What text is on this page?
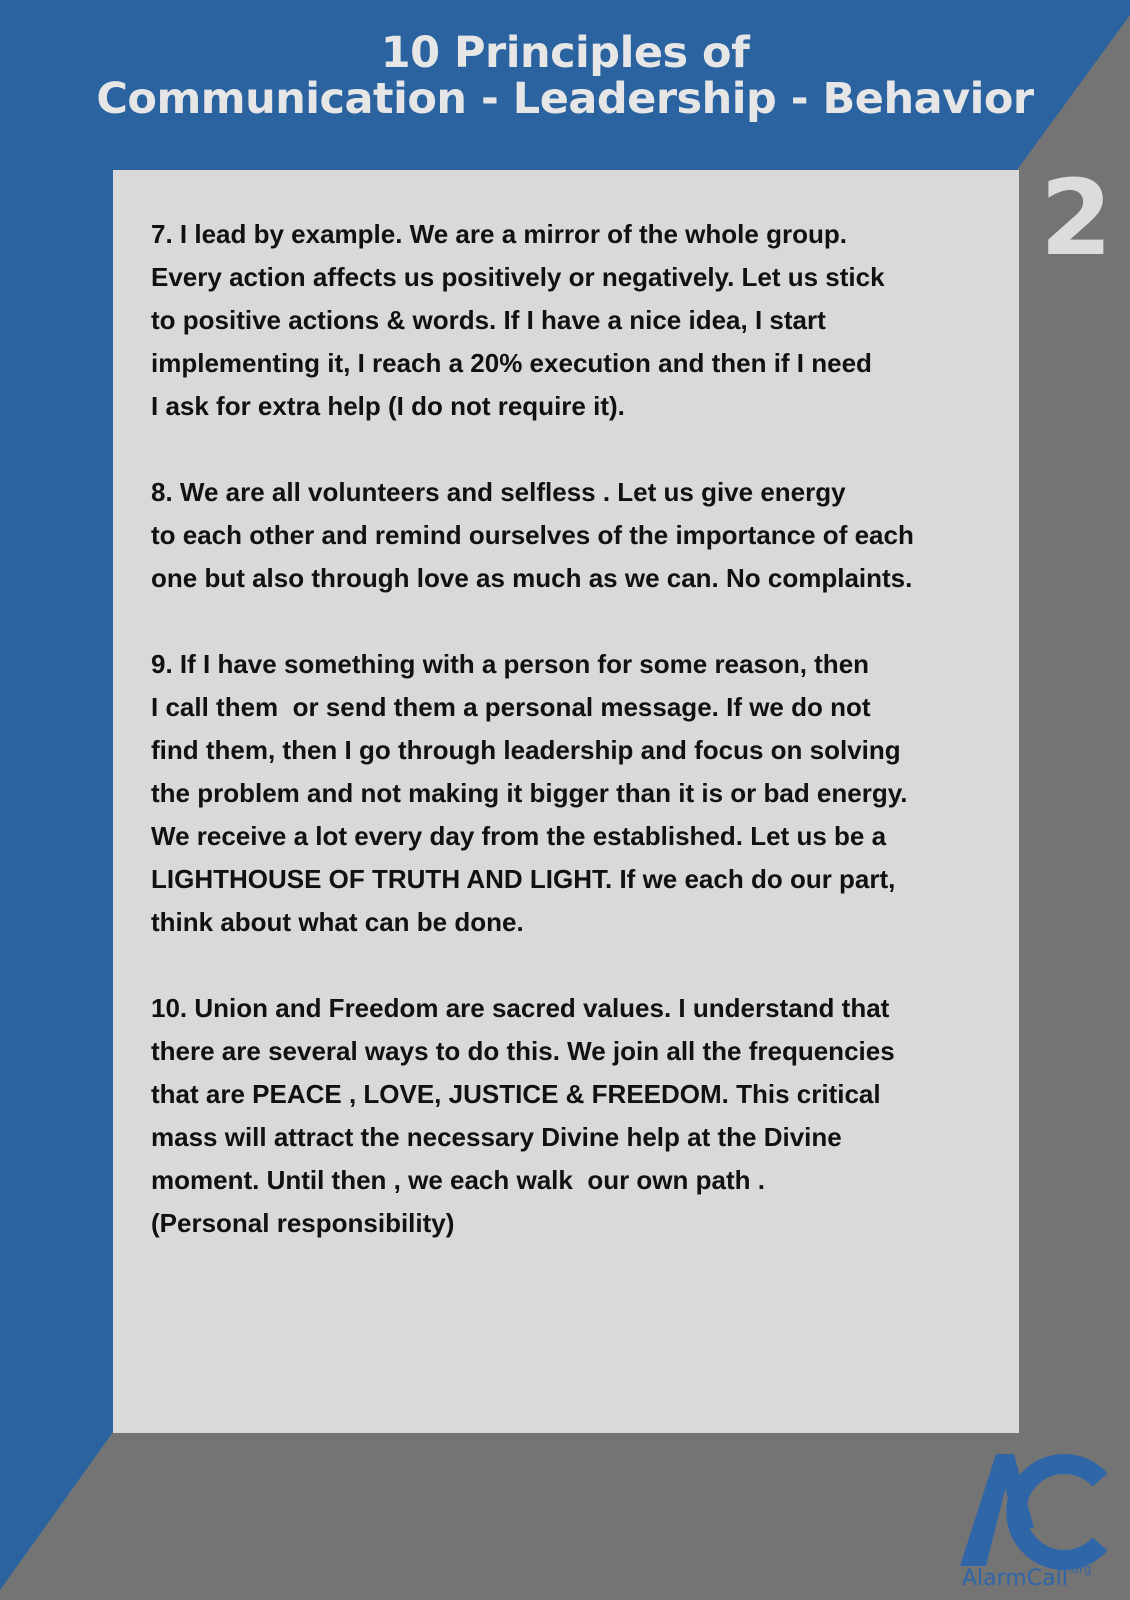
10 Principles of
Communication - Leadership - Behavior
2
7. I lead by example. We are a mirror of the whole group.
Every action affects us positively or negatively. Let us stick
to positive actions & words. If I have a nice idea, I start
implementing it, I reach a 20% execution and then if I need
I ask for extra help (I do not require it).
8. We are all volunteers and selfless . Let us give energy
to each other and remind ourselves of the importance of each
one but also through love as much as we can. No complaints.
9. If I have something with a person for some reason, then
I call them  or send them a personal message. If we do not
find them, then I go through leadership and focus on solving
the problem and not making it bigger than it is or bad energy.
We receive a lot every day from the established. Let us be a
LIGHTHOUSE OF TRUTH AND LIGHT. If we each do our part,
think about what can be done.
10. Union and Freedom are sacred values. I understand that
there are several ways to do this. We join all the frequencies
that are PEACE , LOVE, JUSTICE & FREEDOM. This critical
mass will attract the necessary Divine help at the Divine
moment. Until then , we each walk  our own path .
(Personal responsibility)
AlarmCall$^{.org}$
